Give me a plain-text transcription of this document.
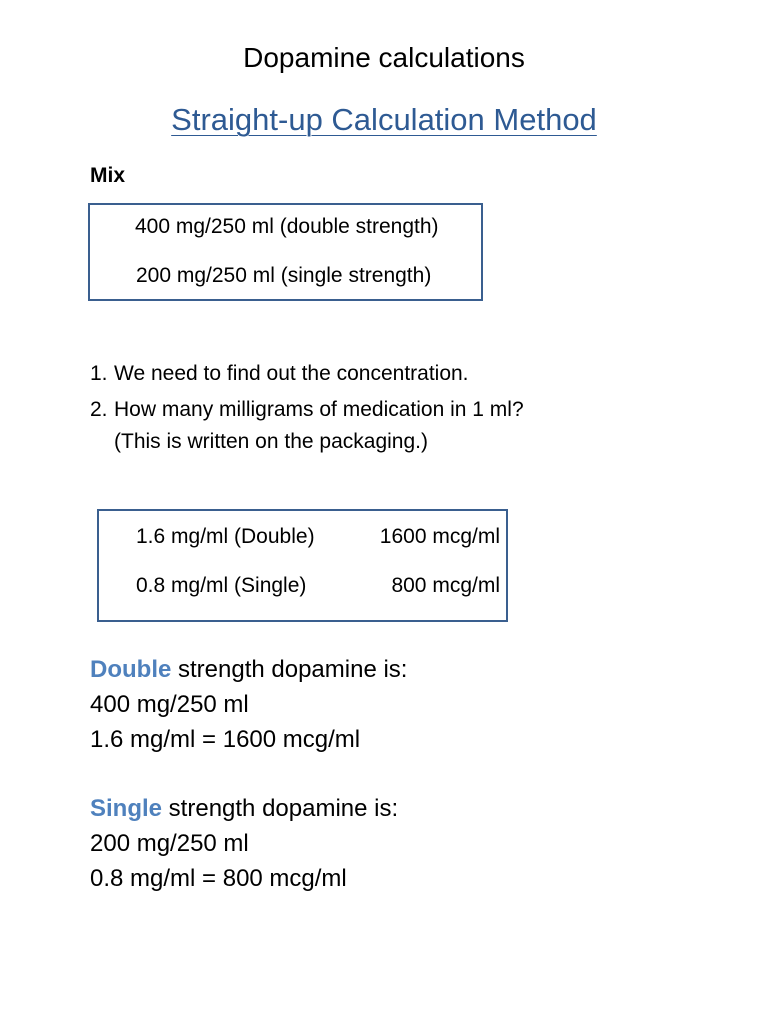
Dopamine calculations
Straight-up Calculation Method
Mix
400 mg/250 ml (double strength)
200 mg/250 ml (single strength)
1. We need to find out the concentration.
2. How many milligrams of medication in 1 ml?
(This is written on the packaging.)
1.6 mg/ml (Double)	1600 mcg/ml
0.8 mg/ml (Single)	800 mcg/ml
Double strength dopamine is:
400 mg/250 ml
1.6 mg/ml = 1600 mcg/ml
Single strength dopamine is:
200 mg/250 ml
0.8 mg/ml = 800 mcg/ml
